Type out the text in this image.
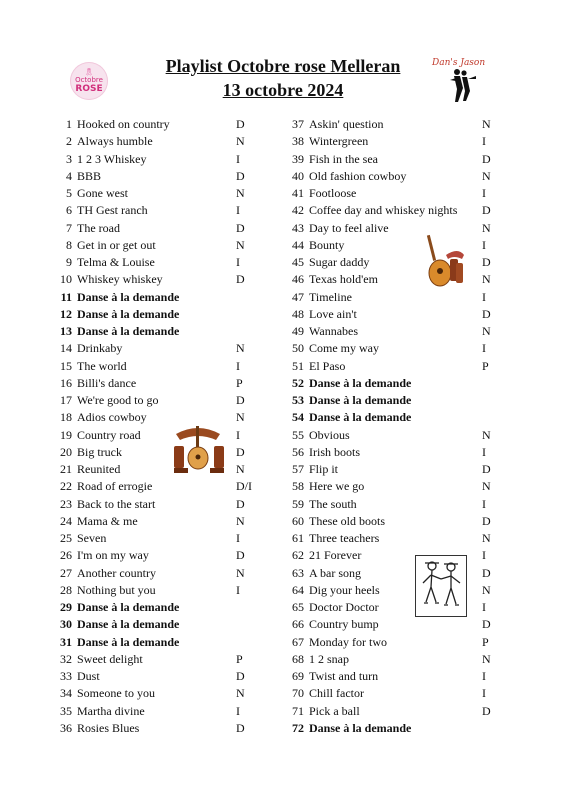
Playlist Octobre rose Melleran
13 octobre 2024
🎗
Octobre
ROSE
Dan's Jason
1 Hooked on country	D
2 Always humble	N
3 1 2 3 Whiskey	I
4 BBB	D
5 Gone west	N
6 TH Gest ranch	I
7 The road	D
8 Get in or get out	N
9 Telma & Louise	I
10 Whiskey whiskey	D
11 Danse à la demande
12 Danse à la demande
13 Danse à la demande
14 Drinkaby	N
15 The world	I
16 Billi's dance	P
17 We're good to go	D
18 Adios cowboy	N
19 Country road	I
20 Big truck	D
21 Reunited	N
22 Road of errogie	D/I
23 Back to the start	D
24 Mama & me	N
25 Seven	I
26 I'm on my way	D
27 Another country	N
28 Nothing but you	I
29 Danse à la demande
30 Danse à la demande
31 Danse à la demande
32 Sweet delight	P
33 Dust	D
34 Someone to you	N
35 Martha divine	I
36 Rosies Blues	D
37 Askin' question	N
38 Wintergreen	I
39 Fish in the sea	D
40 Old fashion cowboy	N
41 Footloose	I
42 Coffee day and whiskey nights D
43 Day to feel alive	N
44 Bounty	I
45 Sugar daddy	D
46 Texas hold'em	N
47 Timeline	I
48 Love ain't	D
49 Wannabes	N
50 Come my way	I
51 El Paso	P
52 Danse à la demande
53 Danse à la demande
54 Danse à la demande
55 Obvious	N
56 Irish boots	I
57 Flip it	D
58 Here we go	N
59 The south	I
60 These old boots	D
61 Three teachers	N
62 21 Forever	I
63 A bar song	D
64 Dig your heels	N
65 Doctor Doctor	I
66 Country bump	D
67 Monday for two	P
68 1 2 snap	N
69 Twist and turn	I
70 Chill factor	I
71 Pick a ball	D
72 Danse à la demande
